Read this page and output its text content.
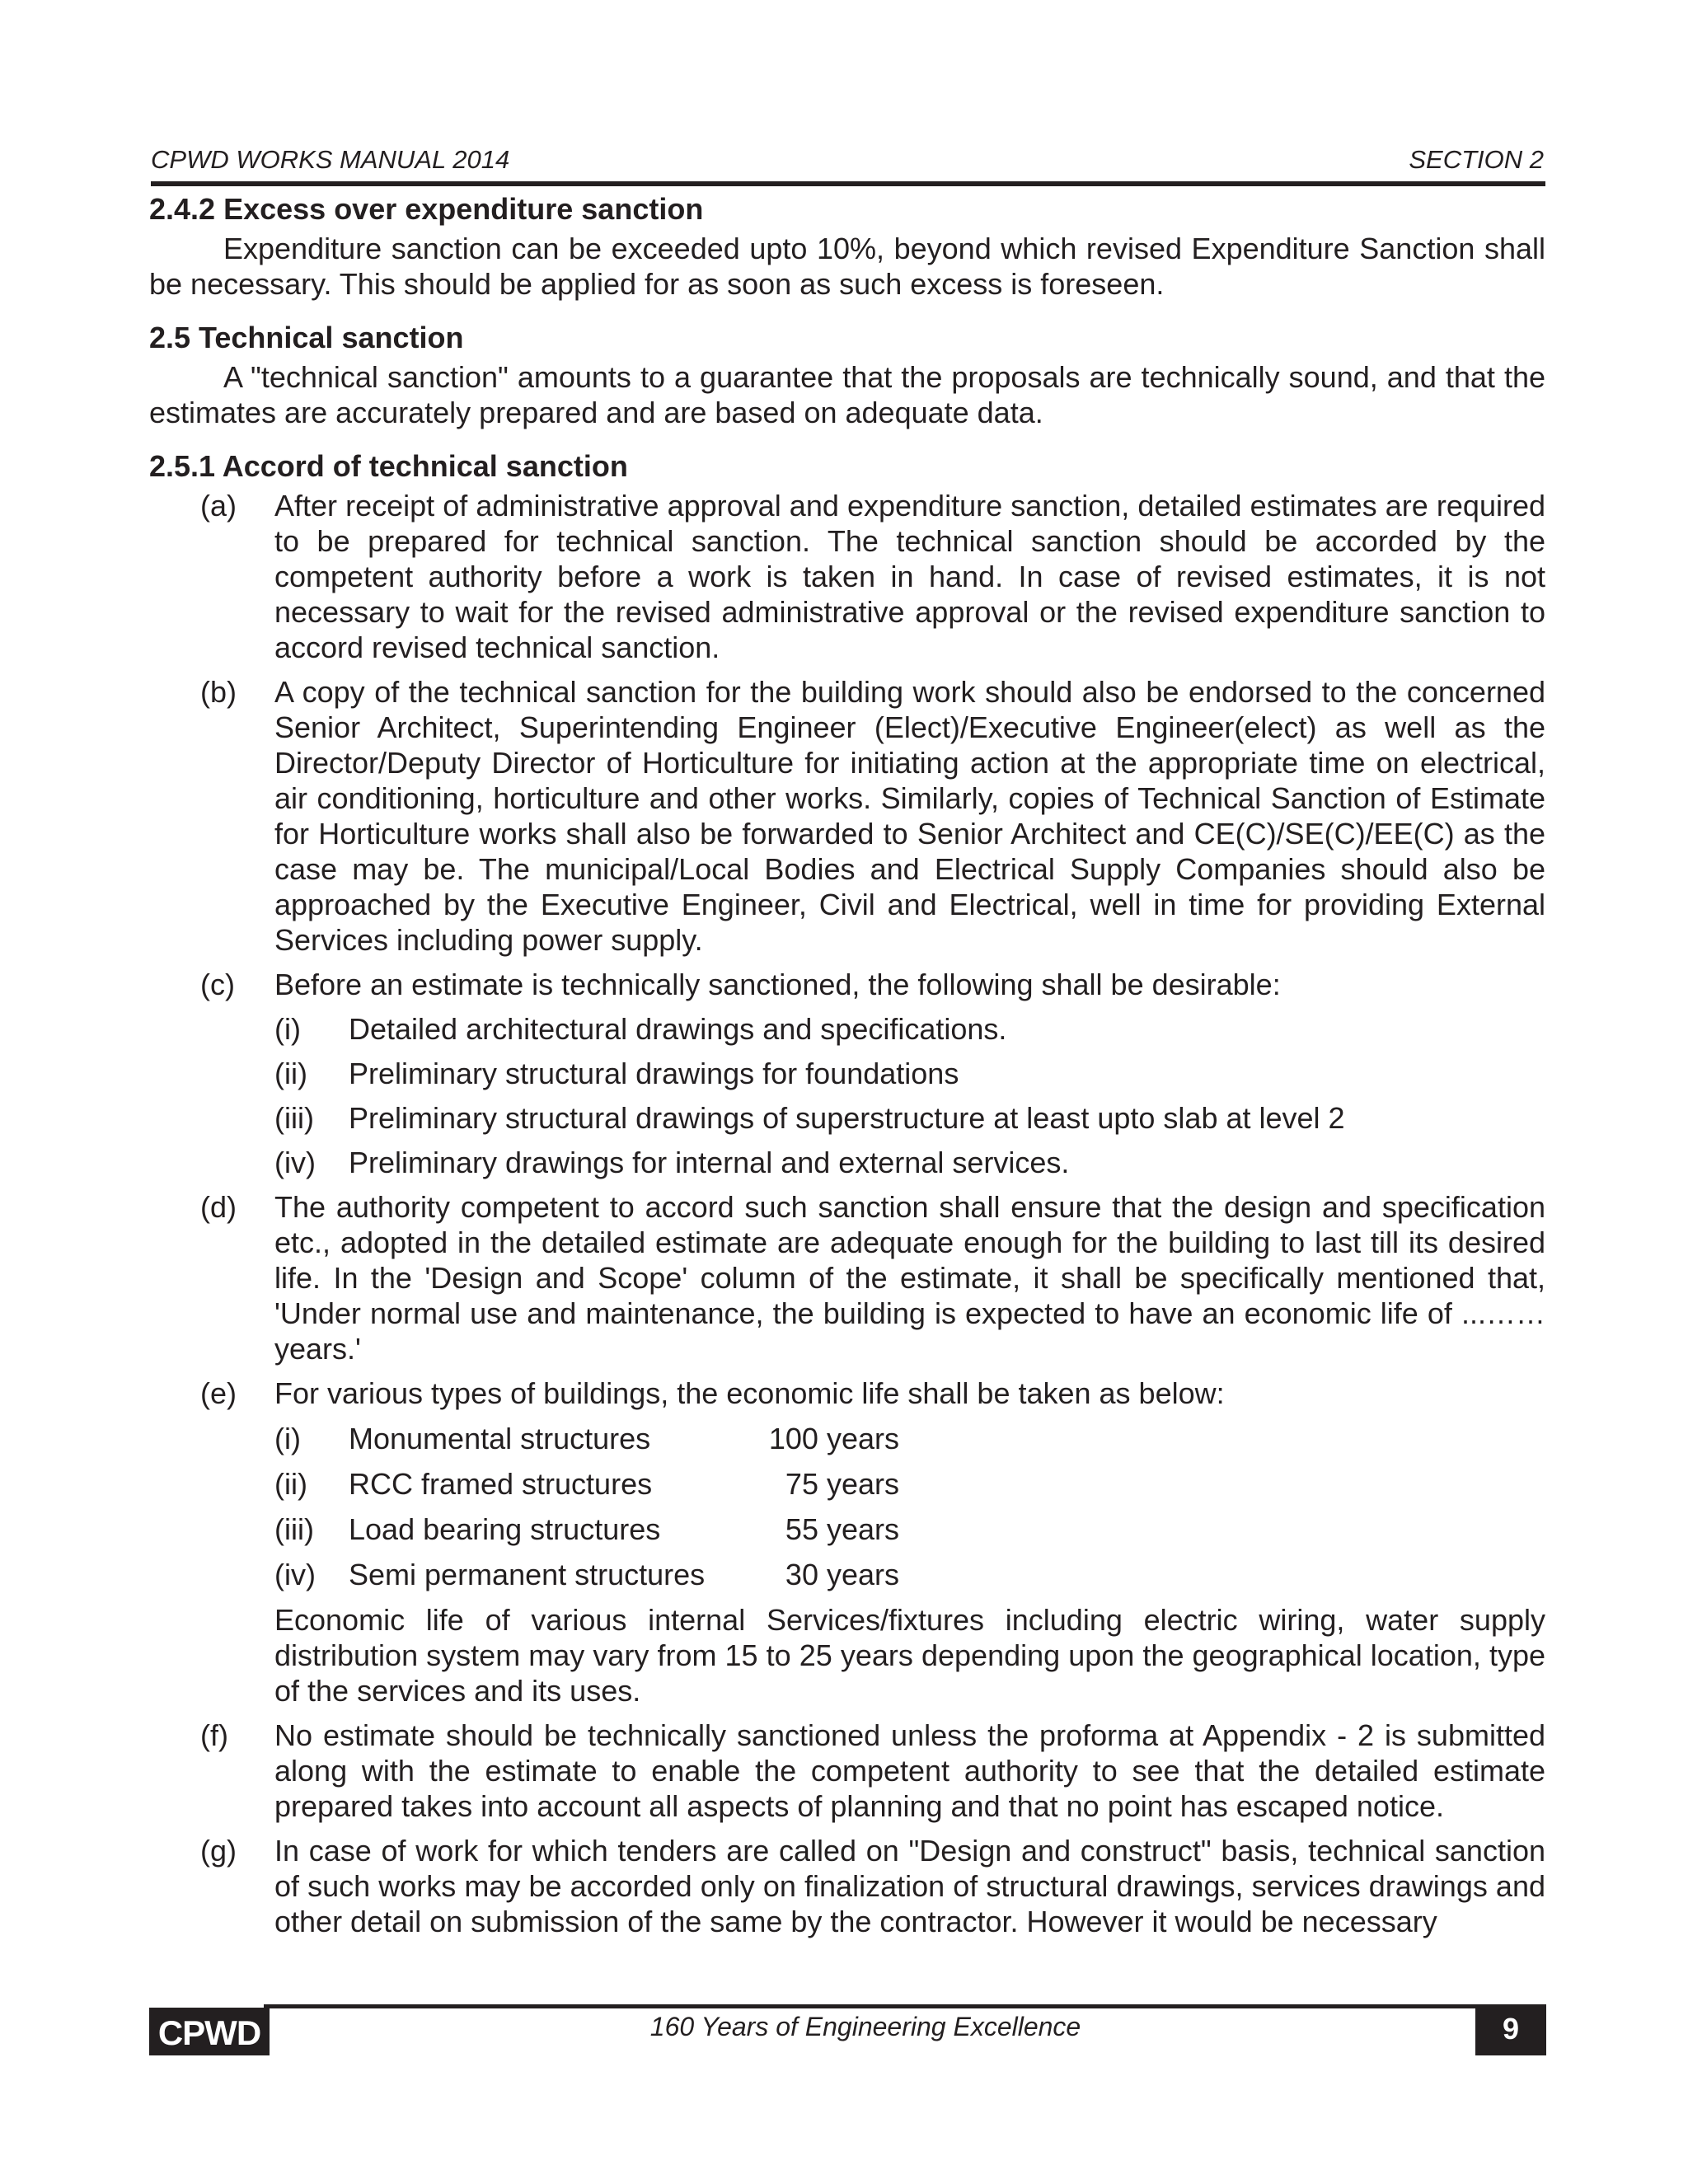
CPWD WORKS MANUAL 2014	SECTION 2
2.4.2 Excess over expenditure sanction

Expenditure sanction can be exceeded upto 10%, beyond which revised Expenditure Sanction shall be necessary. This should be applied for as soon as such excess is foreseen.

2.5 Technical sanction

A "technical sanction" amounts to a guarantee that the proposals are technically sound, and that the estimates are accurately prepared and are based on adequate data.

2.5.1 Accord of technical sanction
(a) After receipt of administrative approval and expenditure sanction, detailed estimates are required to be prepared for technical sanction. The technical sanction should be accorded by the competent authority before a work is taken in hand. In case of revised estimates, it is not necessary to wait for the revised administrative approval or the revised expenditure sanction to accord revised technical sanction.
(b) A copy of the technical sanction for the building work should also be endorsed to the concerned Senior Architect, Superintending Engineer (Elect)/Executive Engineer(elect) as well as the Director/Deputy Director of Horticulture for initiating action at the appropriate time on electrical, air conditioning, horticulture and other works. Similarly, copies of Technical Sanction of Estimate for Horticulture works shall also be forwarded to Senior Architect and CE(C)/SE(C)/EE(C) as the case may be. The municipal/Local Bodies and Electrical Supply Companies should also be approached by the Executive Engineer, Civil and Electrical, well in time for providing External Services including power supply.
(c) Before an estimate is technically sanctioned, the following shall be desirable:
(i) Detailed architectural drawings and specifications.
(ii) Preliminary structural drawings for foundations
(iii) Preliminary structural drawings of superstructure at least upto slab at level 2
(iv) Preliminary drawings for internal and external services.
(d) The authority competent to accord such sanction shall ensure that the design and specification etc., adopted in the detailed estimate are adequate enough for the building to last till its desired life. In the 'Design and Scope' column of the estimate, it shall be specifically mentioned that, 'Under normal use and maintenance, the building is expected to have an economic life of ...…… years.'
(e) For various types of buildings, the economic life shall be taken as below:
(i) Monumental structures	100 years
(ii) RCC framed structures	75 years
(iii) Load bearing structures	55 years
(iv) Semi permanent structures	30 years
Economic life of various internal Services/fixtures including electric wiring, water supply distribution system may vary from 15 to 25 years depending upon the geographical location, type of the services and its uses.
(f) No estimate should be technically sanctioned unless the proforma at Appendix - 2 is submitted along with the estimate to enable the competent authority to see that the detailed estimate prepared takes into account all aspects of planning and that no point has escaped notice.
(g) In case of work for which tenders are called on "Design and construct" basis, technical sanction of such works may be accorded only on finalization of structural drawings, services drawings and other detail on submission of the same by the contractor. However it would be necessary
CPWD	160 Years of Engineering Excellence	9
